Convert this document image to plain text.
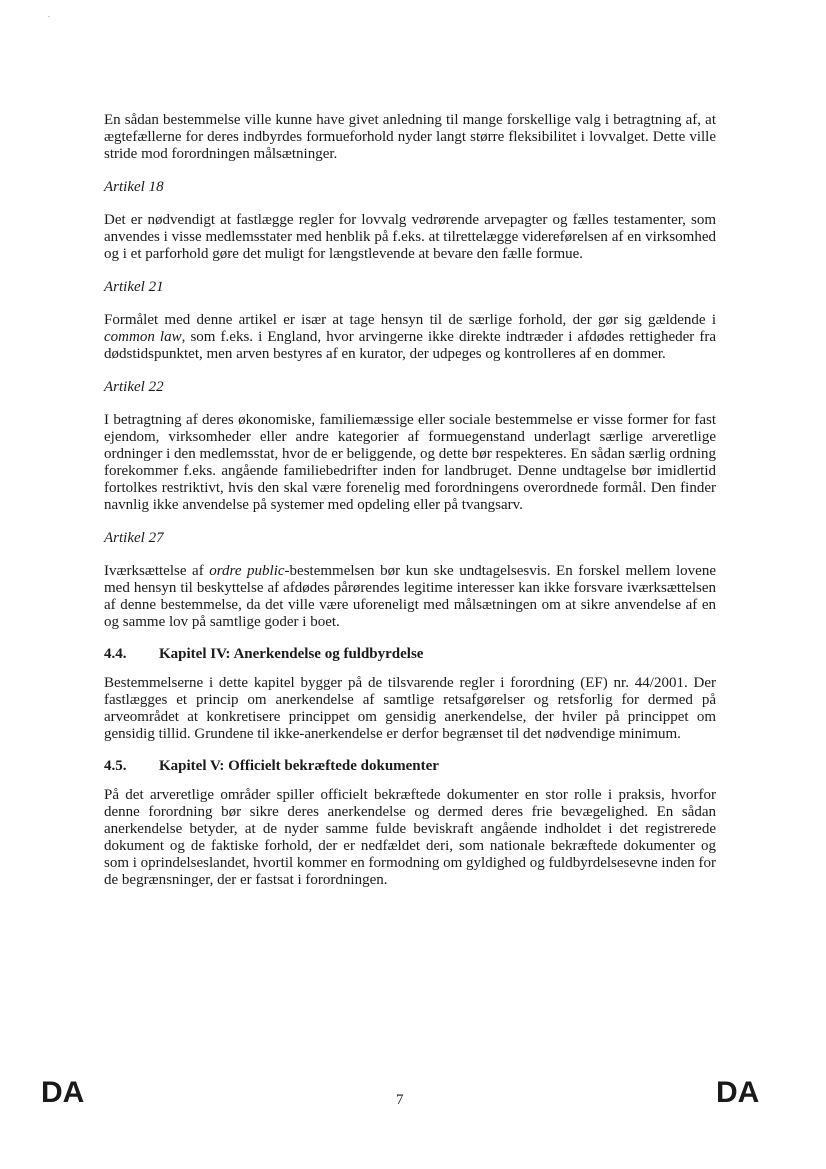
En sådan bestemmelse ville kunne have givet anledning til mange forskellige valg i betragtning af, at ægtefællerne for deres indbyrdes formueforhold nyder langt større fleksibilitet i lovvalget. Dette ville stride mod forordningen målsætninger.

Artikel 18

Det er nødvendigt at fastlægge regler for lovvalg vedrørende arvepagter og fælles testamenter, som anvendes i visse medlemsstater med henblik på f.eks. at tilrettelægge videreførelsen af en virksomhed og i et parforhold gøre det muligt for længstlevende at bevare den fælle formue.

Artikel 21

Formålet med denne artikel er især at tage hensyn til de særlige forhold, der gør sig gældende i common law, som f.eks. i England, hvor arvingerne ikke direkte indtræder i afdødes rettigheder fra dødstidspunktet, men arven bestyres af en kurator, der udpeges og kontrolleres af en dommer.

Artikel 22

I betragtning af deres økonomiske, familiemæssige eller sociale bestemmelse er visse former for fast ejendom, virksomheder eller andre kategorier af formuegenstand underlagt særlige arveretlige ordninger i den medlemsstat, hvor de er beliggende, og dette bør respekteres. En sådan særlig ordning forekommer f.eks. angående familiebedrifter inden for landbruget. Denne undtagelse bør imidlertid fortolkes restriktivt, hvis den skal være forenelig med forordningens overordnede formål. Den finder navnlig ikke anvendelse på systemer med opdeling eller på tvangsarv.

Artikel 27

Iværksættelse af ordre public-bestemmelsen bør kun ske undtagelsesvis. En forskel mellem lovene med hensyn til beskyttelse af afdødes pårørendes legitime interesser kan ikke forsvare iværksættelsen af denne bestemmelse, da det ville være uforeneligt med målsætningen om at sikre anvendelse af en og samme lov på samtlige goder i boet.

4.4.	Kapitel IV: Anerkendelse og fuldbyrdelse

Bestemmelserne i dette kapitel bygger på de tilsvarende regler i forordning (EF) nr. 44/2001. Der fastlægges et princip om anerkendelse af samtlige retsafgørelser og retsforlig for dermed på arveområdet at konkretisere princippet om gensidig anerkendelse, der hviler på princippet om gensidig tillid. Grundene til ikke-anerkendelse er derfor begrænset til det nødvendige minimum.

4.5.	Kapitel V: Officielt bekræftede dokumenter

På det arveretlige områder spiller officielt bekræftede dokumenter en stor rolle i praksis, hvorfor denne forordning bør sikre deres anerkendelse og dermed deres frie bevægelighed. En sådan anerkendelse betyder, at de nyder samme fulde beviskraft angående indholdet i det registrerede dokument og de faktiske forhold, der er nedfældet deri, som nationale bekræftede dokumenter og som i oprindelseslandet, hvortil kommer en formodning om gyldighed og fuldbyrdelsesevne inden for de begrænsninger, der er fastsat i forordningen.

DA	7	DA
